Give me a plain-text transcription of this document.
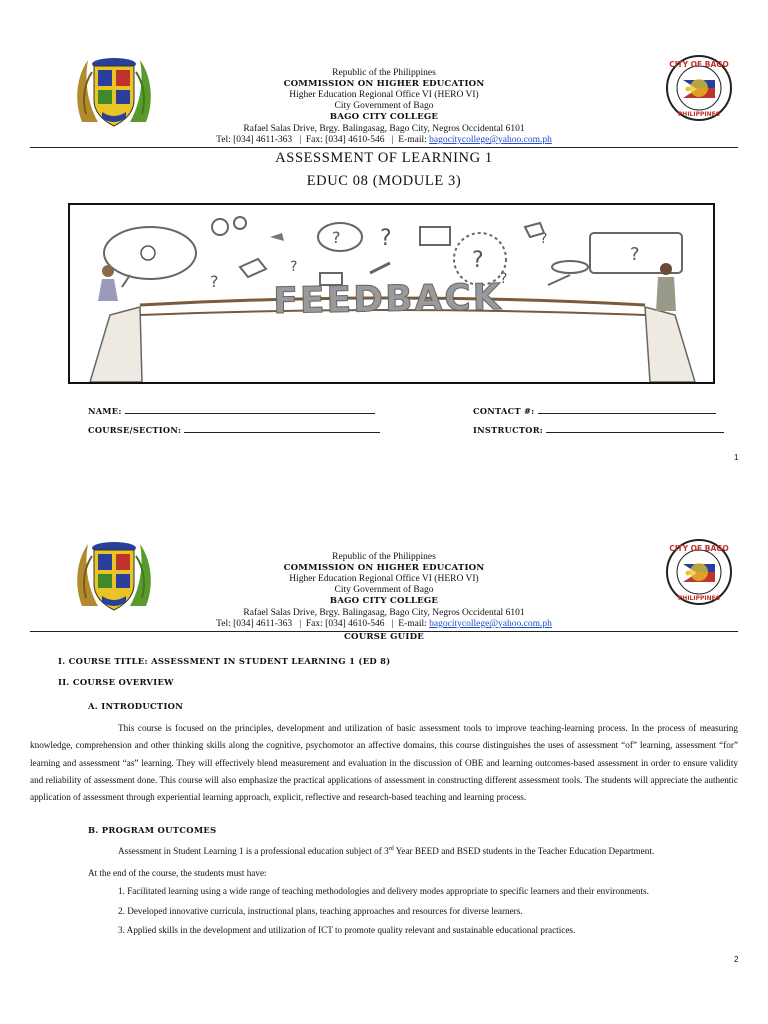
CITY OF BAGO
PHILIPPINES
Republic of the Philippines
COMMISSION ON HIGHER EDUCATION
Higher Education Regional Office VI (HERO VI)
City Government of Bago
BAGO CITY COLLEGE
Rafael Salas Drive, Brgy. Balingasag, Bago City, Negros Occidental 6101
Tel: [034] 4611-363   |  Fax: [034] 4610-546   |  E-mail: bagocitycollege@yahoo.com.ph
ASSESSMENT OF LEARNING 1
EDUC 08 (MODULE 3)
?
? ?
?
?
?
?
?
FEEDBACK
NAME:	CONTACT #:
COURSE/SECTION:	INSTRUCTOR:
1
CITY OF BAGO
PHILIPPINES
Republic of the Philippines
COMMISSION ON HIGHER EDUCATION
Higher Education Regional Office VI (HERO VI)
City Government of Bago
BAGO CITY COLLEGE
Rafael Salas Drive, Brgy. Balingasag, Bago City, Negros Occidental 6101
Tel: [034] 4611-363   |  Fax: [034] 4610-546   |  E-mail: bagocitycollege@yahoo.com.ph
COURSE GUIDE
I. COURSE TITLE: ASSESSMENT IN STUDENT LEARNING 1 (ED 8)
II. COURSE OVERVIEW
A. INTRODUCTION
This course is focused on the principles, development and utilization of basic assessment tools to improve teaching-learning process. In the process of measuring knowledge, comprehension and other thinking skills along the cognitive, psychomotor an affective domains, this course distinguishes the uses of assessment “of” learning, assessment “for” learning and assessment “as” learning. They will effectively blend measurement and evaluation in the discussion of OBE and learning outcomes-based assessment in order to ensure validity and reliability of assessment done. This course will also emphasize the practical applications of assessment in constructing different assessment tools. The students will appreciate the authentic application of assessment through experiential learning approach, explicit, reflective and research-based teaching and learning process.
B. PROGRAM OUTCOMES
Assessment in Student Learning 1 is a professional education subject of 3rd Year BEED and BSED students in the Teacher Education Department.
At the end of the course, the students must have:
1. Facilitated learning using a wide range of teaching methodologies and delivery modes appropriate to specific learners and their environments.
2. Developed innovative curricula, instructional plans, teaching approaches and resources for diverse learners.
3. Applied skills in the development and utilization of ICT to promote quality relevant and sustainable educational practices.
2
